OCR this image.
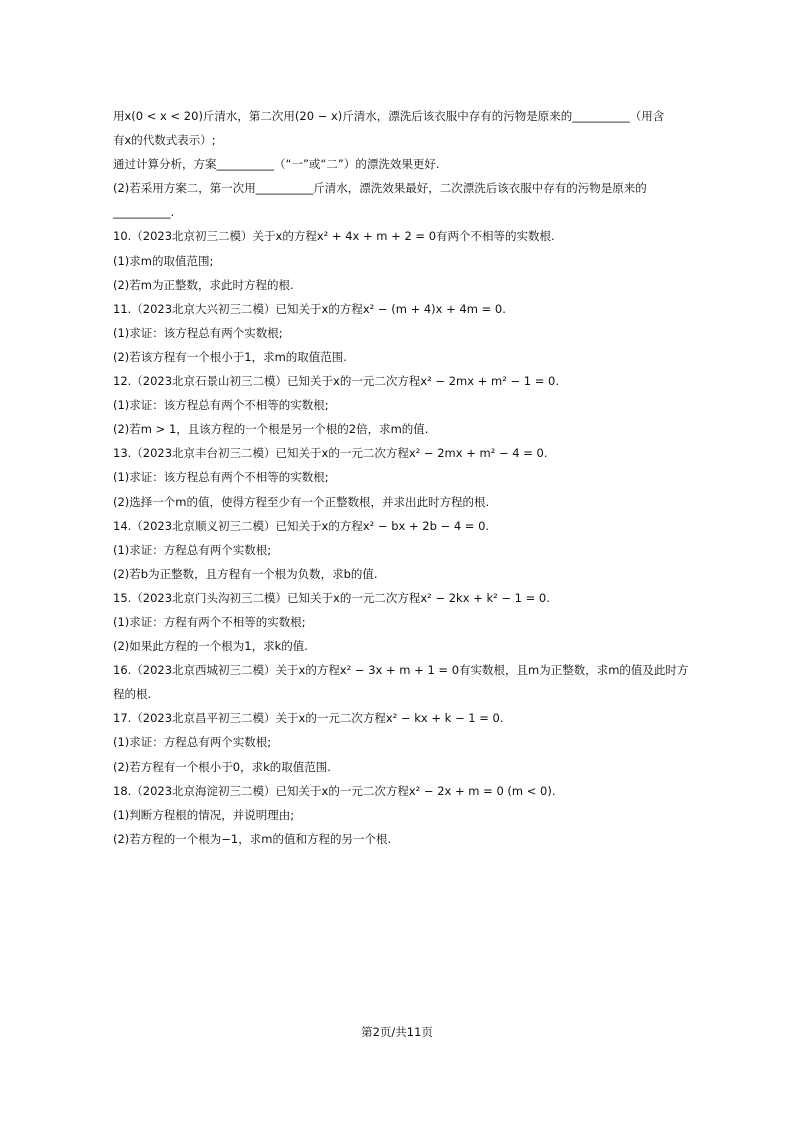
用x(0 < x < 20)斤清水，第二次用(20 − x)斤清水，漂洗后该衣服中存有的污物是原来的__________（用含
有x的代数式表示）;
通过计算分析，方案__________（“一”或“二”）的漂洗效果更好.
(2)若采用方案二，第一次用__________斤清水，漂洗效果最好，二次漂洗后该衣服中存有的污物是原来的
__________.
10.（2023北京初三二模）关于x的方程x² + 4x + m + 2 = 0有两个不相等的实数根.
(1)求m的取值范围;
(2)若m为正整数，求此时方程的根.
11.（2023北京大兴初三二模）已知关于x的方程x² − (m + 4)x + 4m = 0.
(1)求证：该方程总有两个实数根;
(2)若该方程有一个根小于1，求m的取值范围.
12.（2023北京石景山初三二模）已知关于x的一元二次方程x² − 2mx + m² − 1 = 0.
(1)求证：该方程总有两个不相等的实数根;
(2)若m > 1，且该方程的一个根是另一个根的2倍，求m的值.
13.（2023北京丰台初三二模）已知关于x的一元二次方程x² − 2mx + m² − 4 = 0.
(1)求证：该方程总有两个不相等的实数根;
(2)选择一个m的值，使得方程至少有一个正整数根，并求出此时方程的根.
14.（2023北京顺义初三二模）已知关于x的方程x² − bx + 2b − 4 = 0.
(1)求证：方程总有两个实数根;
(2)若b为正整数，且方程有一个根为负数，求b的值.
15.（2023北京门头沟初三二模）已知关于x的一元二次方程x² − 2kx + k² − 1 = 0.
(1)求证：方程有两个不相等的实数根;
(2)如果此方程的一个根为1，求k的值.
16.（2023北京西城初三二模）关于x的方程x² − 3x + m + 1 = 0有实数根，且m为正整数，求m的值及此时方
程的根.
17.（2023北京昌平初三二模）关于x的一元二次方程x² − kx + k − 1 = 0.
(1)求证：方程总有两个实数根;
(2)若方程有一个根小于0，求k的取值范围.
18.（2023北京海淀初三二模）已知关于x的一元二次方程x² − 2x + m = 0 (m < 0).
(1)判断方程根的情况，并说明理由;
(2)若方程的一个根为−1，求m的值和方程的另一个根.
第2页/共11页
